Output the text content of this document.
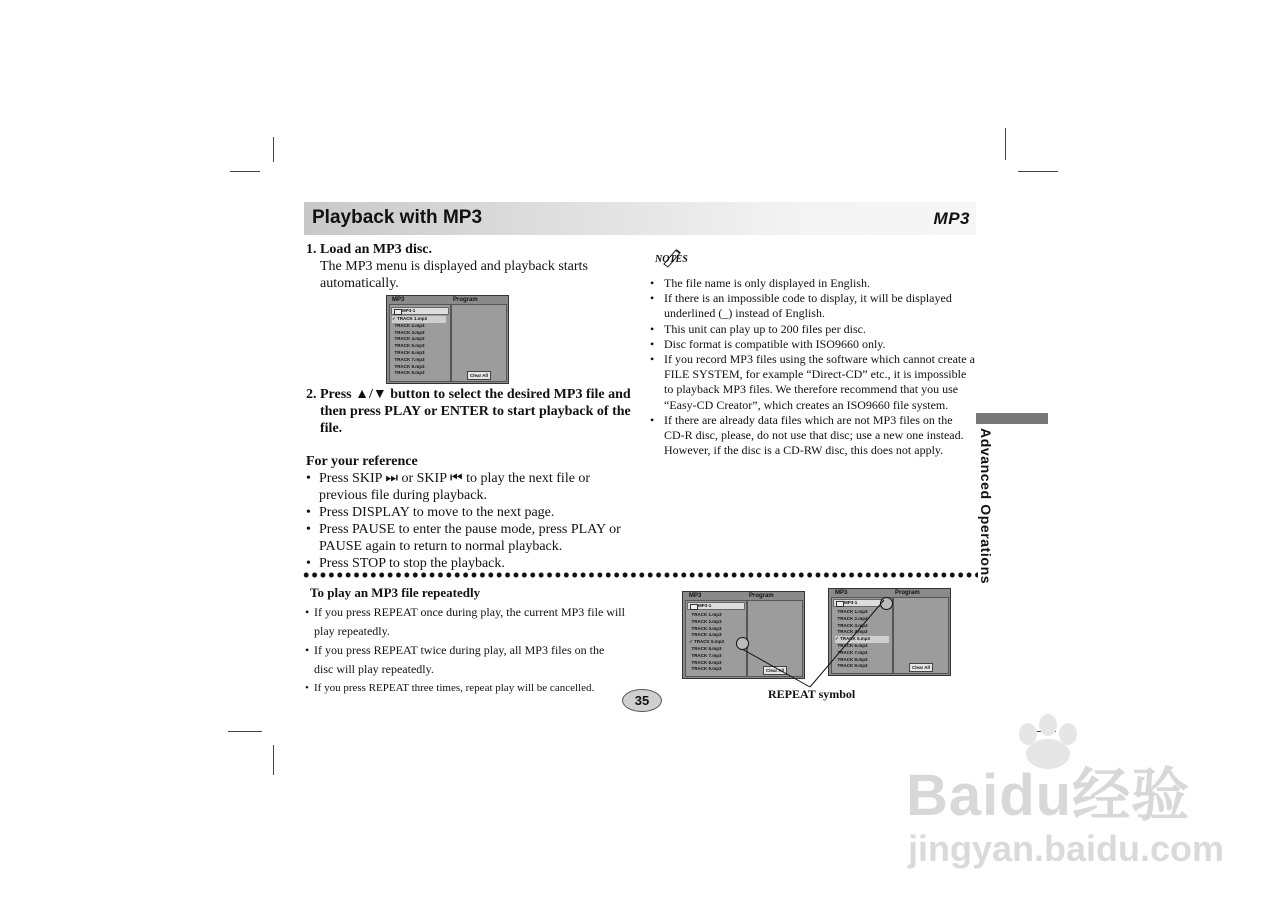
Playback with MP3	MP3
1. Load an MP3 disc.
The MP3 menu is displayed and playback starts automatically.
MP3	Program
MP3-1
✓ TRACK 1.mp3
TRACK 2.mp3
TRACK 3.mp3
TRACK 4.mp3
TRACK 5.mp3
TRACK 6.mp3
TRACK 7.mp3
TRACK 8.mp3
TRACK 9.mp3
Clear All
2. Press ▲/▼ button to select the desired MP3 file and then press PLAY or ENTER to start playback of the file.
For your reference
• Press SKIP ⏭ or SKIP ⏮ to play the next file or previous file during playback.
• Press DISPLAY to move to the next page.
• Press PAUSE to enter the pause mode, press PLAY or PAUSE again to return to normal playback.
• Press STOP to stop the playback.
NOTES
• The file name is only displayed in English.
• If there is an impossible code to display, it will be displayed underlined (_) instead of English.
• This unit can play up to 200 files per disc.
• Disc format is compatible with ISO9660 only.
• If you record MP3 files using the software which cannot create a FILE SYSTEM, for example “Direct-CD” etc., it is impossible to playback MP3 files. We therefore recommend that you use “Easy-CD Creator”, which creates an ISO9660 file system.
• If there are already data files which are not MP3 files on the CD-R disc, please, do not use that disc; use a new one instead. However, if the disc is a CD-RW disc, this does not apply.	Advanced Operations
To play an MP3 file repeatedly
• If you press REPEAT once during play, the current MP3 file will play repeatedly.
• If you press REPEAT twice during play, all MP3 files on the disc will play repeatedly.
• If you press REPEAT three times, repeat play will be cancelled.
MP3	Program
MP3-1
TRACK 1.mp3
TRACK 2.mp3
TRACK 3.mp3
TRACK 4.mp3
✓ TRACK 5.mp3
TRACK 6.mp3
TRACK 7.mp3
TRACK 8.mp3
TRACK 9.mp3	Clear All
MP3	Program
MP3-1
TRACK 1.mp3
TRACK 2.mp3
TRACK 3.mp3
TRACK 4.mp3
✓ TRACK 5.mp3
TRACK 6.mp3
TRACK 7.mp3
TRACK 8.mp3
TRACK 9.mp3	Clear All
REPEAT symbol
35
Baidu经验
jingyan.baidu.com
